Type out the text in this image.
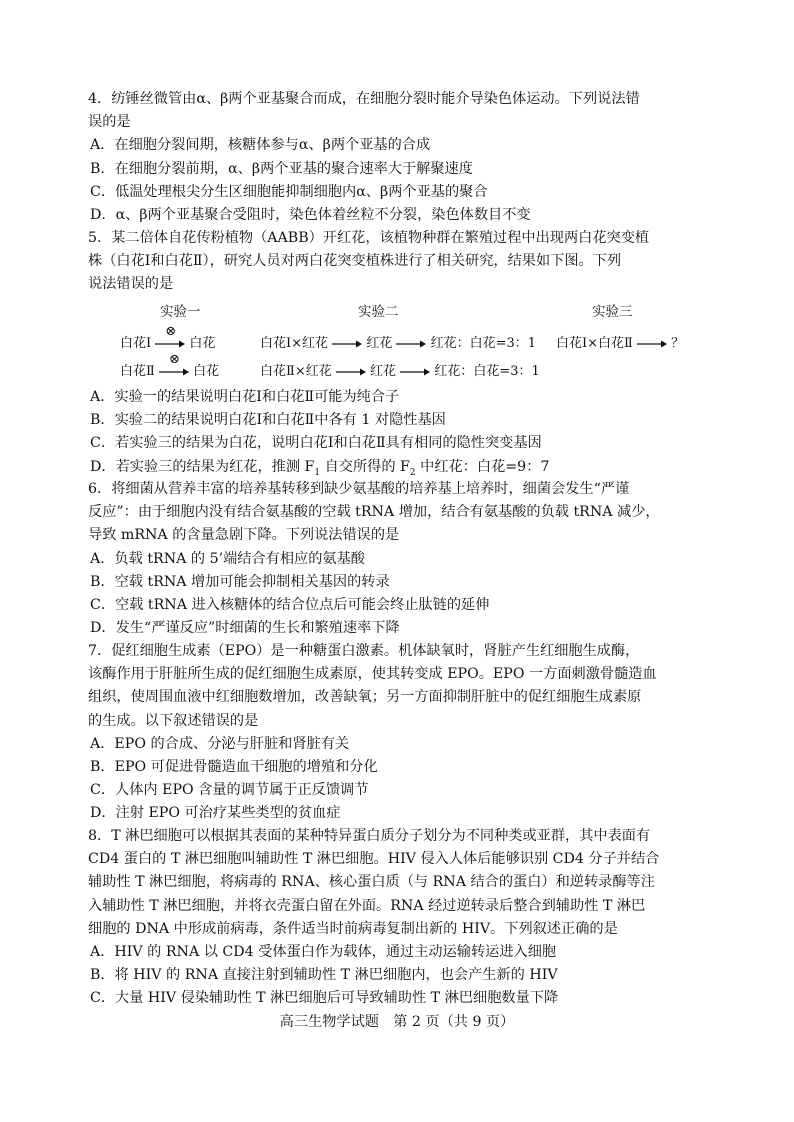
4．纺锤丝微管由α、β两个亚基聚合而成，在细胞分裂时能介导染色体运动。下列说法错

误的是

A．在细胞分裂间期，核糖体参与α、β两个亚基的合成

B．在细胞分裂前期，α、β两个亚基的聚合速率大于解聚速度

C．低温处理根尖分生区细胞能抑制细胞内α、β两个亚基的聚合

D．α、β两个亚基聚合受阻时，染色体着丝粒不分裂，染色体数目不变

5．某二倍体自花传粉植物（AABB）开红花，该植物种群在繁殖过程中出现两白花突变植

株（白花Ⅰ和白花Ⅱ），研究人员对两白花突变植株进行了相关研究，结果如下图。下列

说法错误的是

实验一	实验二	实验三
白花Ⅰ
⊗
白花
白花Ⅱ
⊗
白花
白花Ⅰ×红花	红花	红花：白花=3：1
白花Ⅱ×红花	红花	红花：白花=3：1
白花Ⅰ×白花Ⅱ	？

A．实验一的结果说明白花Ⅰ和白花Ⅱ可能为纯合子

B．实验二的结果说明白花Ⅰ和白花Ⅱ中各有 1 对隐性基因

C．若实验三的结果为白花，说明白花Ⅰ和白花Ⅱ具有相同的隐性突变基因

D．若实验三的结果为红花，推测 $F_1$ 自交所得的 $F_2$ 中红花：白花=9：7

6．将细菌从营养丰富的培养基转移到缺少氨基酸的培养基上培养时，细菌会发生“严谨

反应”：由于细胞内没有结合氨基酸的空载 tRNA 增加，结合有氨基酸的负载 tRNA 减少，

导致 mRNA 的含量急剧下降。下列说法错误的是

A．负载 tRNA 的 5’端结合有相应的氨基酸

B．空载 tRNA 增加可能会抑制相关基因的转录

C．空载 tRNA 进入核糖体的结合位点后可能会终止肽链的延伸

D．发生“严谨反应”时细菌的生长和繁殖速率下降

7．促红细胞生成素（EPO）是一种糖蛋白激素。机体缺氧时，肾脏产生红细胞生成酶，

该酶作用于肝脏所生成的促红细胞生成素原，使其转变成 EPO。EPO 一方面刺激骨髓造血

组织，使周围血液中红细胞数增加，改善缺氧；另一方面抑制肝脏中的促红细胞生成素原

的生成。以下叙述错误的是

A．EPO 的合成、分泌与肝脏和肾脏有关

B．EPO 可促进骨髓造血干细胞的增殖和分化

C．人体内 EPO 含量的调节属于正反馈调节

D．注射 EPO 可治疗某些类型的贫血症

8．T 淋巴细胞可以根据其表面的某种特异蛋白质分子划分为不同种类或亚群，其中表面有

CD4 蛋白的 T 淋巴细胞叫辅助性 T 淋巴细胞。HIV 侵入人体后能够识别 CD4 分子并结合

辅助性 T 淋巴细胞，将病毒的 RNA、核心蛋白质（与 RNA 结合的蛋白）和逆转录酶等注

入辅助性 T 淋巴细胞，并将衣壳蛋白留在外面。RNA 经过逆转录后整合到辅助性 T 淋巴

细胞的 DNA 中形成前病毒，条件适当时前病毒复制出新的 HIV。下列叙述正确的是

A．HIV 的 RNA 以 CD4 受体蛋白作为载体，通过主动运输转运进入细胞

B．将 HIV 的 RNA 直接注射到辅助性 T 淋巴细胞内，也会产生新的 HIV

C．大量 HIV 侵染辅助性 T 淋巴细胞后可导致辅助性 T 淋巴细胞数量下降

高三生物学试题　第 2 页（共 9 页）
